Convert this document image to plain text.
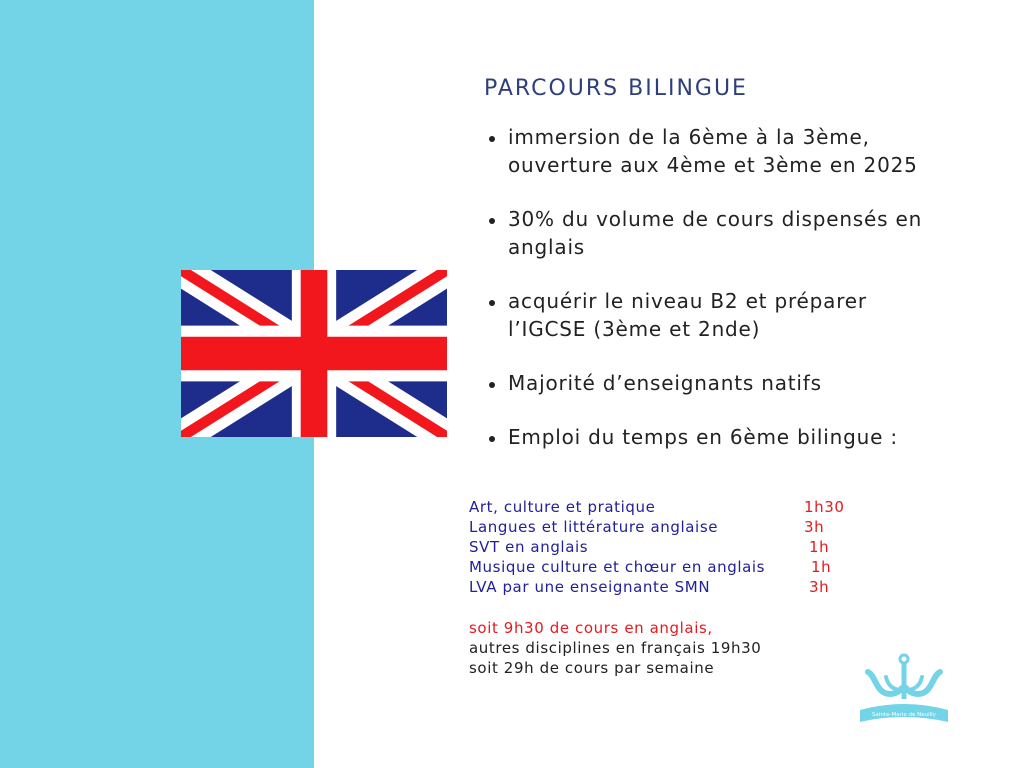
PARCOURS BILINGUE
immersion de la 6ème à la 3ème, ouverture aux 4ème et 3ème en 2025
30% du volume de cours dispensés en anglais
acquérir le niveau B2 et préparer l’IGCSE (3ème et 2nde)
Majorité d’enseignants natifs
Emploi du temps en 6ème bilingue :
Art, culture et pratique	1h30
Langues et littérature anglaise	3h
SVT en anglais	1h
Musique culture et chœur en anglais	1h
LVA par une enseignante SMN	3h
soit 9h30 de cours en anglais,
autres disciplines en français 19h30
soit 29h de cours par semaine
Sainte-Marie de Neuilly
